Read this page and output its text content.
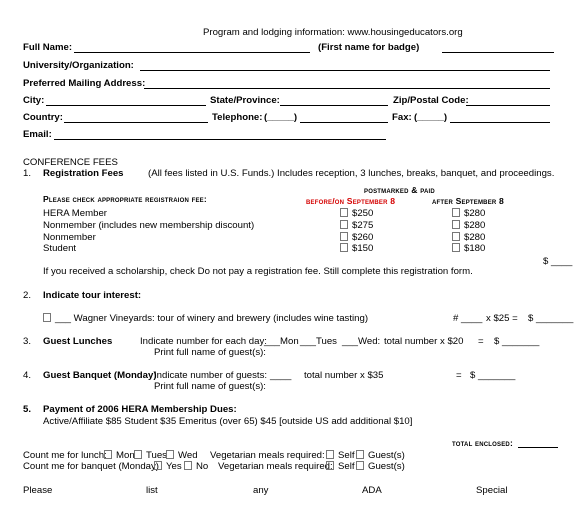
Program and lodging information: www.housingeducators.org
Full Name:	(First name for badge)
University/Organization:
Preferred Mailing Address:
City:	State/Province:	Zip/Postal Code:
Country:	Telephone: (_____)	Fax: (_____)
Email:
CONFERENCE FEES
1. Registration Fees	(All fees listed in U.S. Funds.) Includes reception, 3 lunches, breaks, banquet, and proceedings.
Please check appropriate registraion fee:
postmarked & paid
before/on September 8	after September 8
HERA Member	$250	$280
Nonmember (includes new membership discount)	$275	$280
Nonmember	$260	$280
Student	$150	$180
If you received a scholarship, check Do not pay a registration fee. Still complete this registration form.
$ ____
2. Indicate tour interest:
___ Wagner Vineyards: tour of winery and brewery (includes wine tasting)	# ____ x $25 = $ _______
3. Guest Lunches	Indicate number for each day:
___Mon ___Tues ___Wed: total number x $20 = $ _______
Print full name of guest(s):
4. Guest Banquet (Monday)
Indicate number of guests: ____ total number x $35	= $ _______
Print full name of guest(s):
5. Payment of 2006 HERA Membership Dues:
Active/Affiliate $85 Student $35 Emeritus (over 65) $45 [outside US add additional $10]
total enclosed:
Count me for lunch: Mon	Tues	Wed Vegetarian meals required:	Self	Guest(s)
Count me for banquet (Monday) Yes	No Vegetarian meals required: Self	Guest(s)
Please	list	any	ADA	Special
